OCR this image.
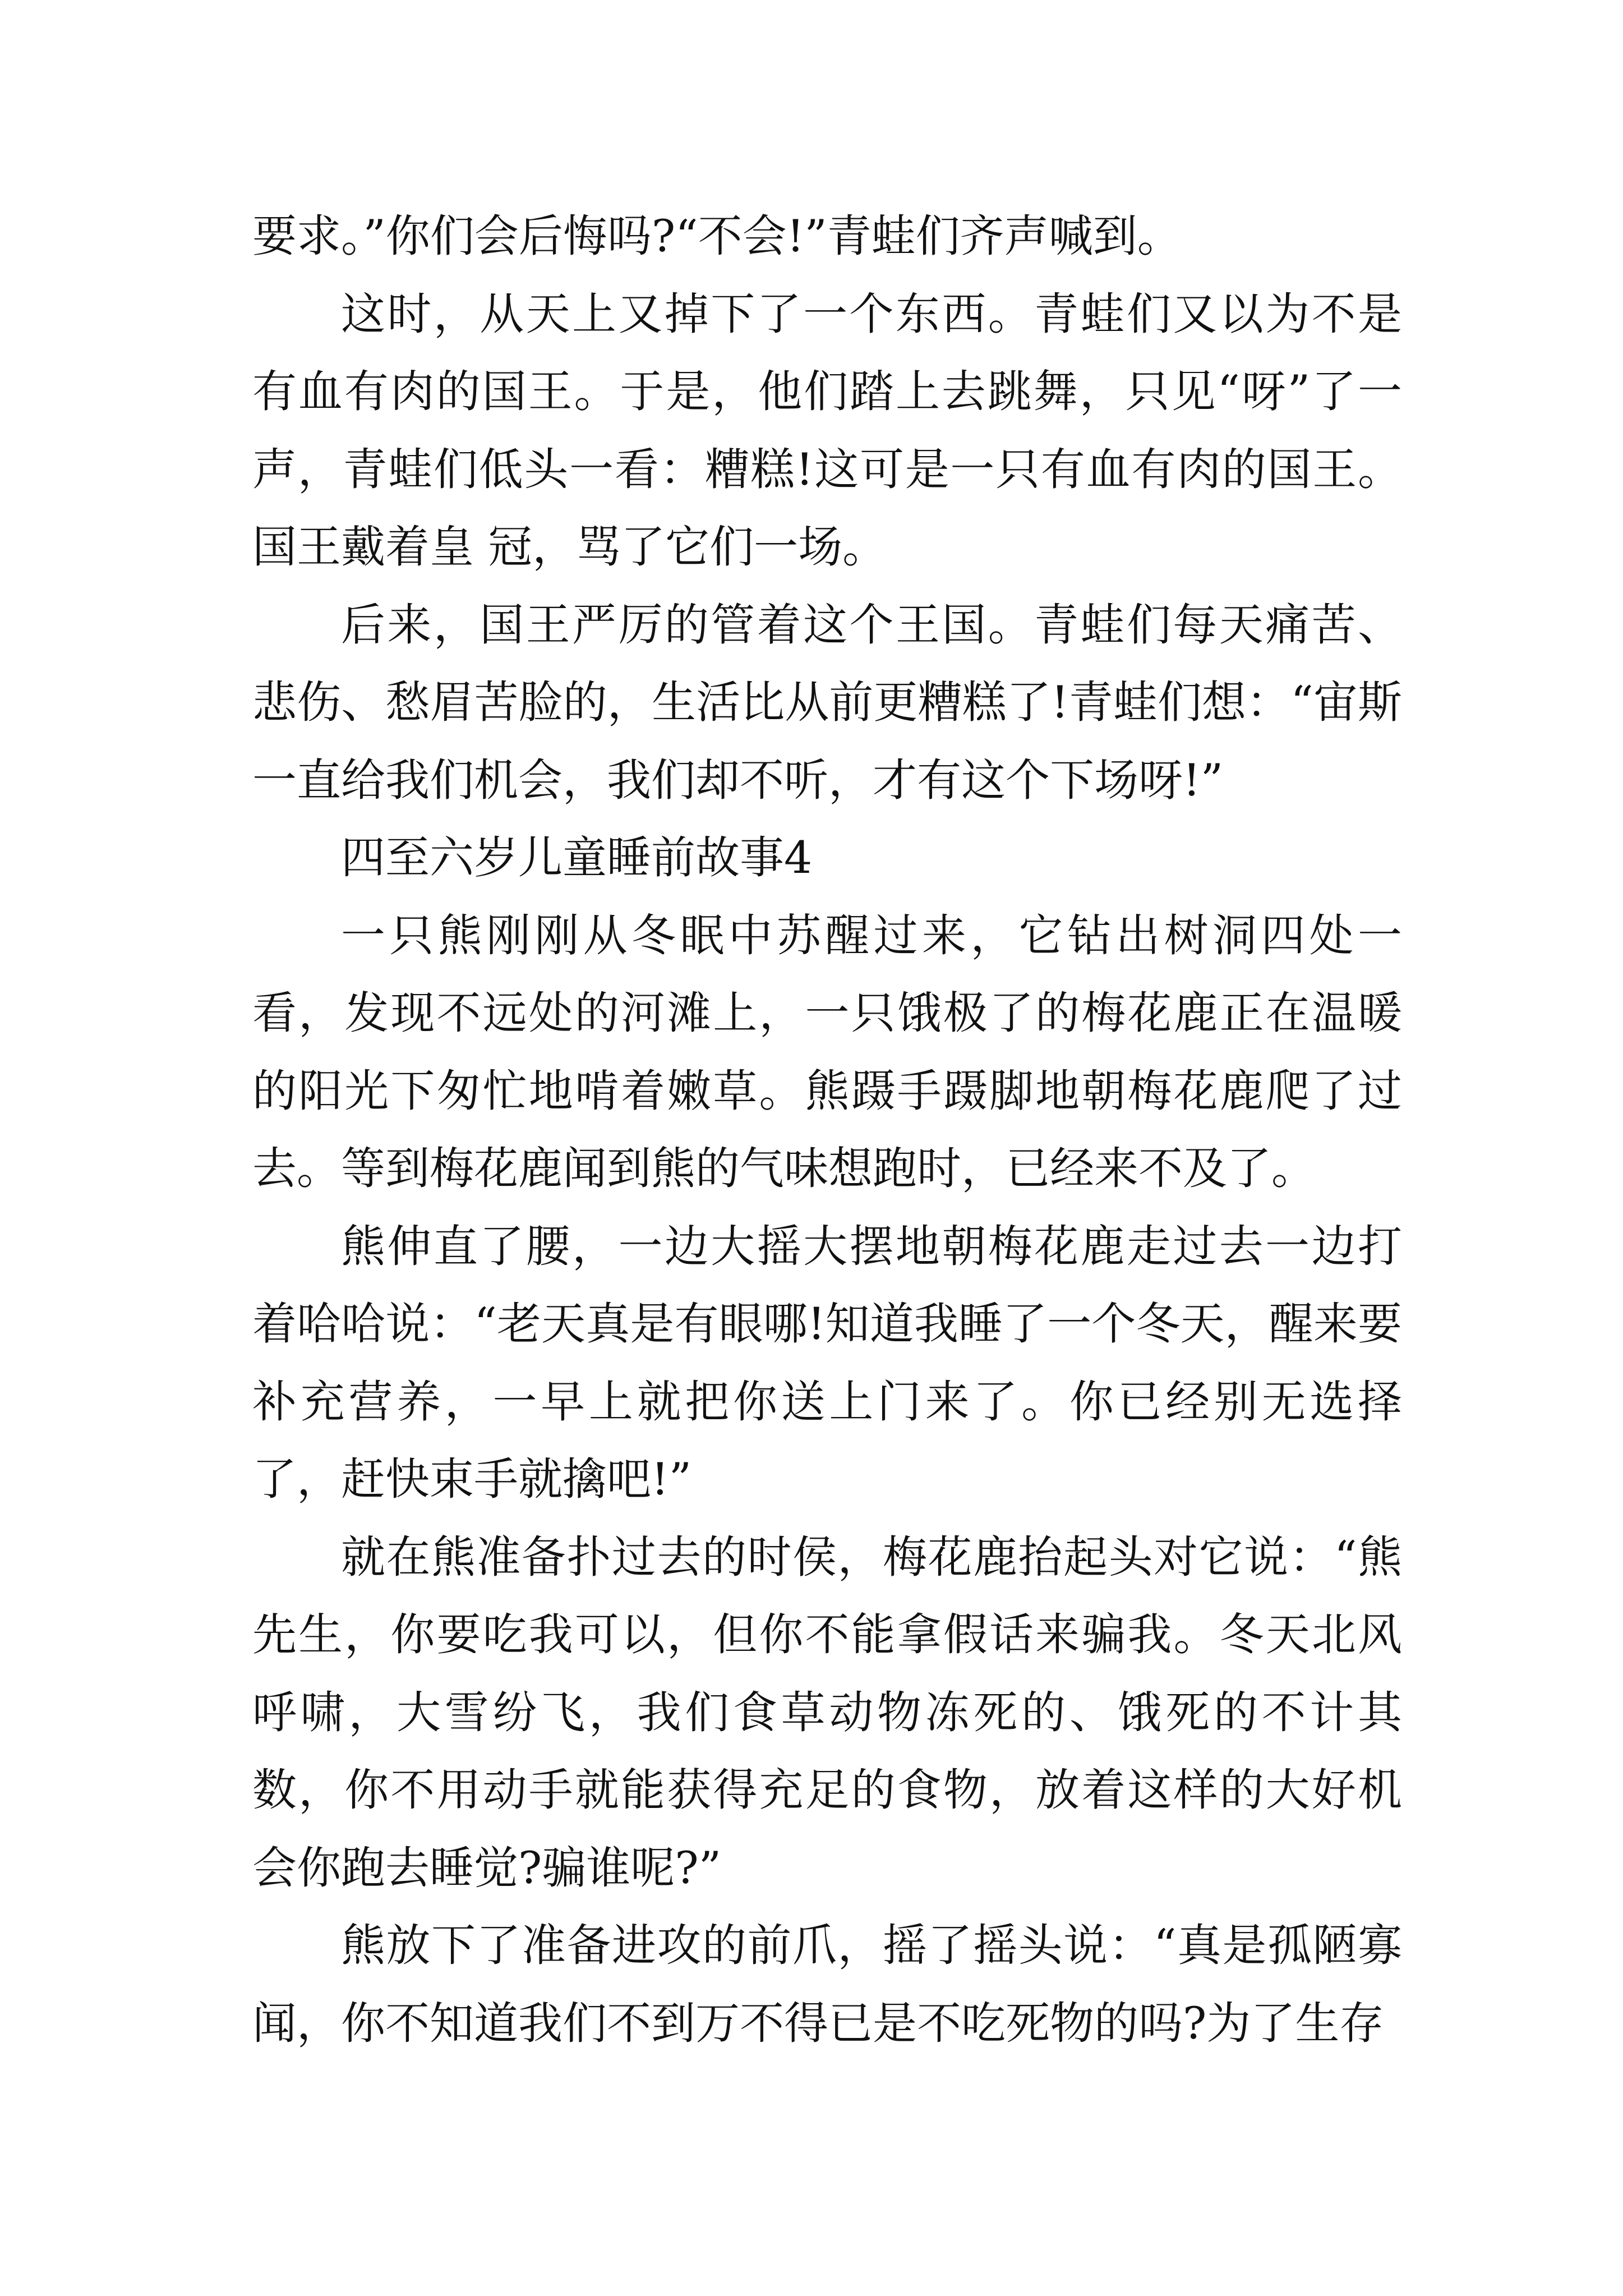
要求。”你们会后悔吗?“不会!”青蛙们齐声喊到。

这时，从天上又掉下了一个东西。青蛙们又以为不是有血有肉的国王。于是，他们踏上去跳舞，只见“呀”了一声，青蛙们低头一看：糟糕!这可是一只有血有肉的国王。国王戴着皇 冠，骂了它们一场。

后来，国王严厉的管着这个王国。青蛙们每天痛苦、悲伤、愁眉苦脸的，生活比从前更糟糕了!青蛙们想：“宙斯一直给我们机会，我们却不听，才有这个下场呀!”

四至六岁儿童睡前故事4

一只熊刚刚从冬眠中苏醒过来，它钻出树洞四处一看，发现不远处的河滩上，一只饿极了的梅花鹿正在温暖的阳光下匆忙地啃着嫩草。熊蹑手蹑脚地朝梅花鹿爬了过去。等到梅花鹿闻到熊的气味想跑时，已经来不及了。

熊伸直了腰，一边大摇大摆地朝梅花鹿走过去一边打着哈哈说：“老天真是有眼哪!知道我睡了一个冬天，醒来要补充营养，一早上就把你送上门来了。你已经别无选择了，赶快束手就擒吧!”

就在熊准备扑过去的时侯，梅花鹿抬起头对它说：“熊先生，你要吃我可以，但你不能拿假话来骗我。冬天北风呼啸，大雪纷飞，我们食草动物冻死的、饿死的不计其数，你不用动手就能获得充足的食物，放着这样的大好机会你跑去睡觉?骗谁呢?”

熊放下了准备进攻的前爪，摇了摇头说：“真是孤陋寡闻，你不知道我们不到万不得已是不吃死物的吗?为了生存
